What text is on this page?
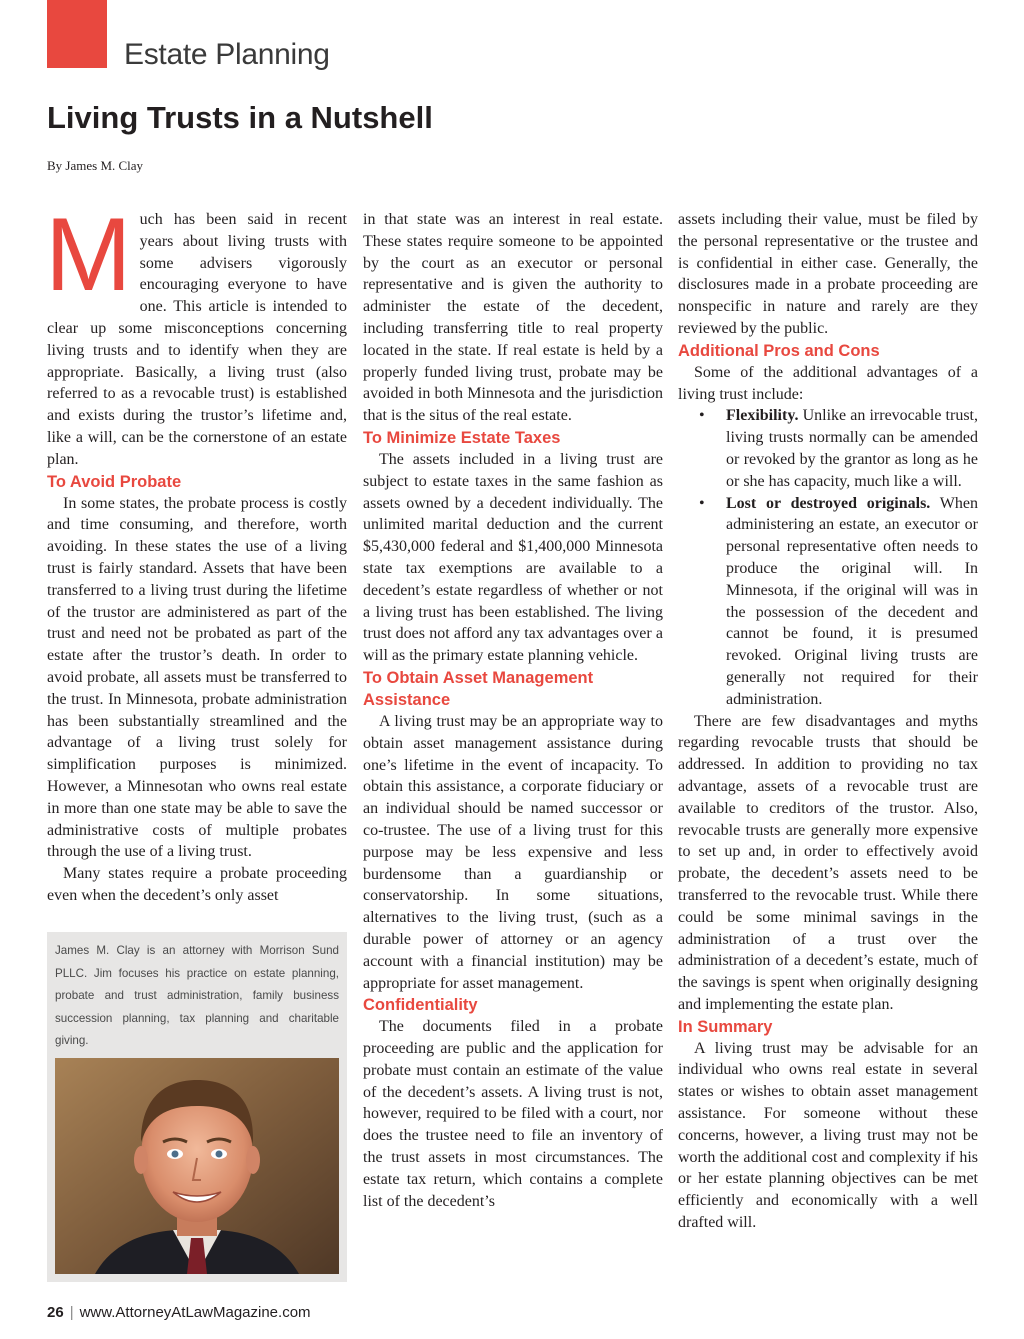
Estate Planning
Living Trusts in a Nutshell
By James M. Clay

Much has been said in recent years about living trusts with some advisers vigorously encouraging everyone to have one. This article is intended to clear up some misconceptions concerning living trusts and to identify when they are appropriate. Basically, a living trust (also referred to as a revocable trust) is established and exists during the trustor’s lifetime and, like a will, can be the cornerstone of an estate plan.

To Avoid Probate

In some states, the probate process is costly and time consuming, and therefore, worth avoiding. In these states the use of a living trust is fairly standard. Assets that have been transferred to a living trust during the lifetime of the trustor are administered as part of the trust and need not be probated as part of the estate after the trustor’s death. In order to avoid probate, all assets must be transferred to the trust. In Minnesota, probate administration has been substantially streamlined and the advantage of a living trust solely for simplification purposes is minimized. However, a Minnesotan who owns real estate in more than one state may be able to save the administrative costs of multiple probates through the use of a living trust.

Many states require a probate proceeding even when the decedent’s only asset

James M. Clay is an attorney with Morrison Sund PLLC. Jim focuses his practice on estate planning, probate and trust administration, family business succession planning, tax planning and charitable giving.

in that state was an interest in real estate. These states require someone to be appointed by the court as an executor or personal representative and is given the authority to administer the estate of the decedent, including transferring title to real property located in the state. If real estate is held by a properly funded living trust, probate may be avoided in both Minnesota and the jurisdiction that is the situs of the real estate.

To Minimize Estate Taxes

The assets included in a living trust are subject to estate taxes in the same fashion as assets owned by a decedent individually. The unlimited marital deduction and the current $5,430,000 federal and $1,400,000 Minnesota state tax exemptions are available to a decedent’s estate regardless of whether or not a living trust has been established. The living trust does not afford any tax advantages over a will as the primary estate planning vehicle.

To Obtain Asset Management Assistance

A living trust may be an appropriate way to obtain asset management assistance during one’s lifetime in the event of incapacity. To obtain this assistance, a corporate fiduciary or an individual should be named successor or co-trustee. The use of a living trust for this purpose may be less expensive and less burdensome than a guardianship or conservatorship. In some situations, alternatives to the living trust, (such as a durable power of attorney or an agency account with a financial institution) may be appropriate for asset management.

Confidentiality

The documents filed in a probate proceeding are public and the application for probate must contain an estimate of the value of the decedent’s assets. A living trust is not, however, required to be filed with a court, nor does the trustee need to file an inventory of the trust assets in most circumstances. The estate tax return, which contains a complete list of the decedent’s

assets including their value, must be filed by the personal representative or the trustee and is confidential in either case. Generally, the disclosures made in a probate proceeding are nonspecific in nature and rarely are they reviewed by the public.

Additional Pros and Cons

Some of the additional advantages of a living trust include:

• Flexibility. Unlike an irrevocable trust, living trusts normally can be amended or revoked by the grantor as long as he or she has capacity, much like a will.
• Lost or destroyed originals. When administering an estate, an executor or personal representative often needs to produce the original will. In Minnesota, if the original will was in the possession of the decedent and cannot be found, it is presumed revoked. Original living trusts are generally not required for their administration.

There are few disadvantages and myths regarding revocable trusts that should be addressed. In addition to providing no tax advantage, assets of a revocable trust are available to creditors of the trustor. Also, revocable trusts are generally more expensive to set up and, in order to effectively avoid probate, the decedent’s assets need to be transferred to the revocable trust. While there could be some minimal savings in the administration of a trust over the administration of a decedent’s estate, much of the savings is spent when originally designing and implementing the estate plan.

In Summary

A living trust may be advisable for an individual who owns real estate in several states or wishes to obtain asset management assistance. For someone without these concerns, however, a living trust may not be worth the additional cost and complexity if his or her estate planning objectives can be met efficiently and economically with a well drafted will.

26 | www.AttorneyAtLawMagazine.com
